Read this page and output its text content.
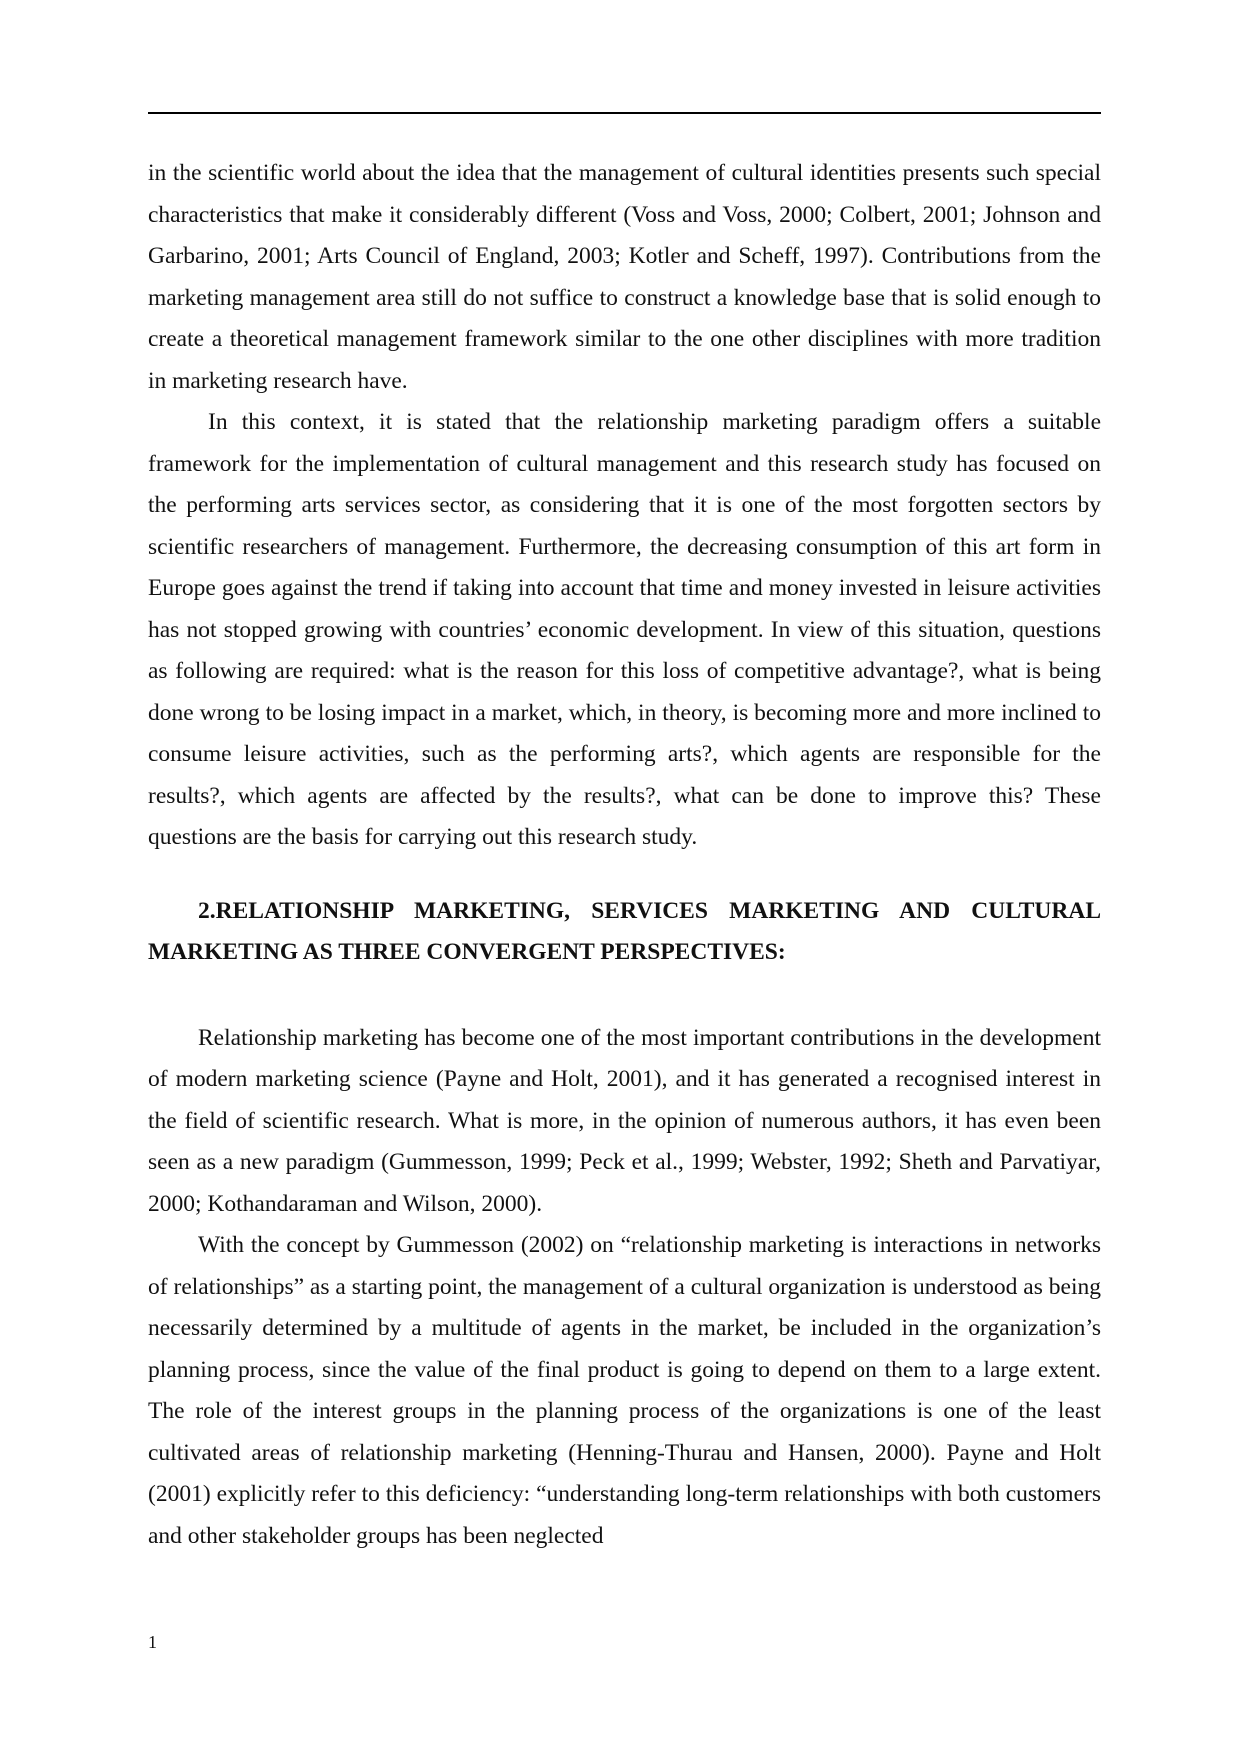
in the scientific world about the idea that the management of cultural identities presents such special characteristics that make it considerably different (Voss and Voss, 2000; Colbert, 2001; Johnson and Garbarino, 2001; Arts Council of England, 2003; Kotler and Scheff, 1997). Contributions from the marketing management area still do not suffice to construct a knowledge base that is solid enough to create a theoretical management framework similar to the one other disciplines with more tradition in marketing research have.

In this context, it is stated that the relationship marketing paradigm offers a suitable framework for the implementation of cultural management and this research study has focused on the performing arts services sector, as considering that it is one of the most forgotten sectors by scientific researchers of management. Furthermore, the decreasing consumption of this art form in Europe goes against the trend if taking into account that time and money invested in leisure activities has not stopped growing with countries’ economic development. In view of this situation, questions as following are required: what is the reason for this loss of competitive advantage?, what is being done wrong to be losing impact in a market, which, in theory, is becoming more and more inclined to consume leisure activities, such as the performing arts?, which agents are responsible for the results?, which agents are affected by the results?, what can be done to improve this? These questions are the basis for carrying out this research study.

2.RELATIONSHIP MARKETING, SERVICES MARKETING AND CULTURAL MARKETING AS THREE CONVERGENT PERSPECTIVES:

Relationship marketing has become one of the most important contributions in the development of modern marketing science (Payne and Holt, 2001), and it has generated a recognised interest in the field of scientific research. What is more, in the opinion of numerous authors, it has even been seen as a new paradigm (Gummesson, 1999; Peck et al., 1999; Webster, 1992; Sheth and Parvatiyar, 2000; Kothandaraman and Wilson, 2000).

With the concept by Gummesson (2002) on “relationship marketing is interactions in networks of relationships” as a starting point, the management of a cultural organization is understood as being necessarily determined by a multitude of agents in the market, be included in the organization’s planning process, since the value of the final product is going to depend on them to a large extent. The role of the interest groups in the planning process of the organizations is one of the least cultivated areas of relationship marketing (Henning-Thurau and Hansen, 2000). Payne and Holt (2001) explicitly refer to this deficiency: “understanding long-term relationships with both customers and other stakeholder groups has been neglected

1
